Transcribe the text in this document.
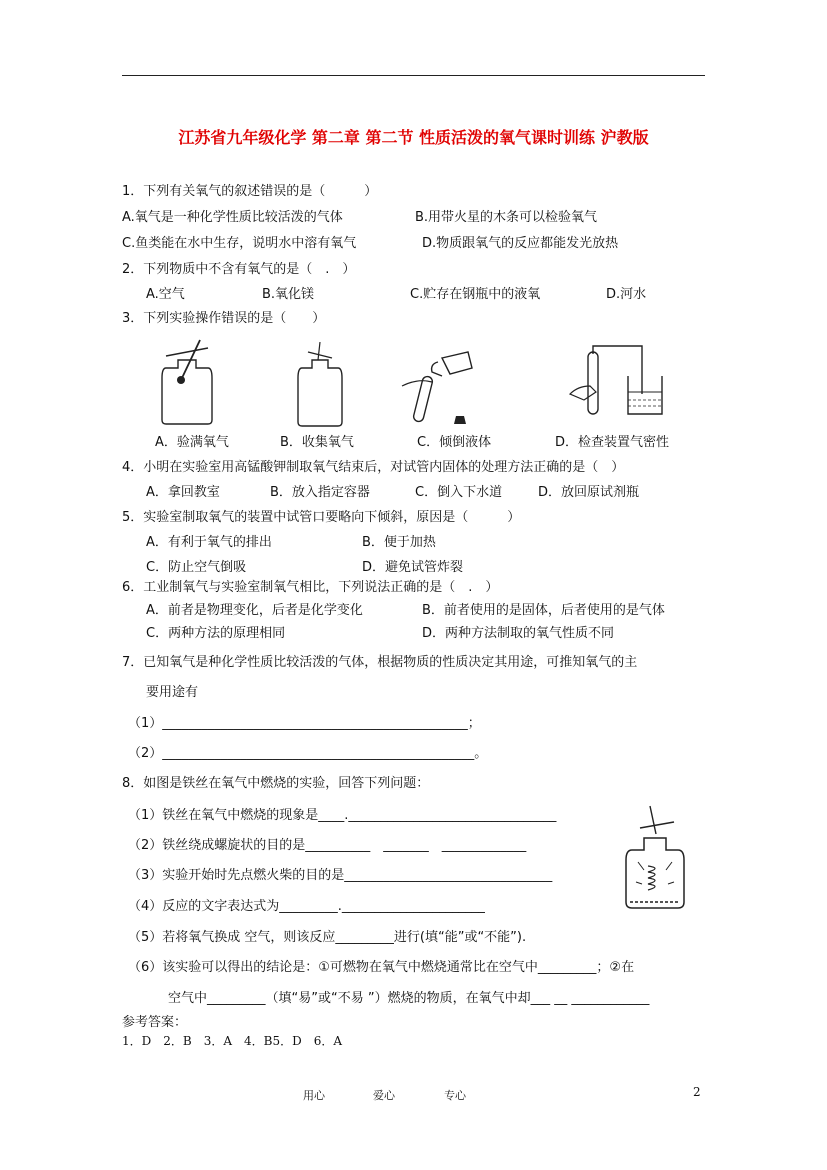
江苏省九年级化学 第二章 第二节 性质活泼的氧气课时训练 沪教版
1．下列有关氧气的叙述错误的是（　　　）
A.氧气是一种化学性质比较活泼的气体	B.用带火星的木条可以检验氧气
C.鱼类能在水中生存，说明水中溶有氧气	D.物质跟氧气的反应都能发光放热
2．下列物质中不含有氧气的是（　.　）
A.空气	B.氧化镁	C.贮存在钢瓶中的液氧	D.河水
3．下列实验操作错误的是（　　）
A．验满氧气	B．收集氧气	C．倾倒液体	D．检查装置气密性
4．小明在实验室用高锰酸钾制取氧气结束后，对试管内固体的处理方法正确的是（　）
A．拿回教室	B．放入指定容器	C．倒入下水道	D．放回原试剂瓶
5．实验室制取氧气的装置中试管口要略向下倾斜，原因是（　　　）
A．有利于氧气的排出	B．便于加热
C．防止空气倒吸	D．避免试管炸裂
6．工业制氧气与实验室制氧气相比，下列说法正确的是（　.　）
A．前者是物理变化，后者是化学变化	B．前者使用的是固体，后者使用的是气体
C．两种方法的原理相同	D．两种方法制取的氧气性质不同
7．已知氧气是种化学性质比较活泼的气体，根据物质的性质决定其用途，可推知氧气的主
要用途有
（1）_______________________________________________；
（2）________________________________________________。
8．如图是铁丝在氧气中燃烧的实验，回答下列问题：
（1）铁丝在氧气中燃烧的现象是____.________________________________
（2）铁丝绕成螺旋状的目的是__________　_______　_____________
（3）实验开始时先点燃火柴的目的是________________________________
（4）反应的文字表达式为_________.______________________
（5）若将氧气换成 空气，则该反应_________进行(填“能”或“不能”).
（6）该实验可以得出的结论是：①可燃物在氧气中燃烧通常比在空气中_________；②在
空气中_________（填“易”或“不易 ”）燃烧的物质，在氧气中却___ __ ____________
参考答案：
1．D　2．B　3．A　4．B5．D　6．A
用心	爱心	专心	2
